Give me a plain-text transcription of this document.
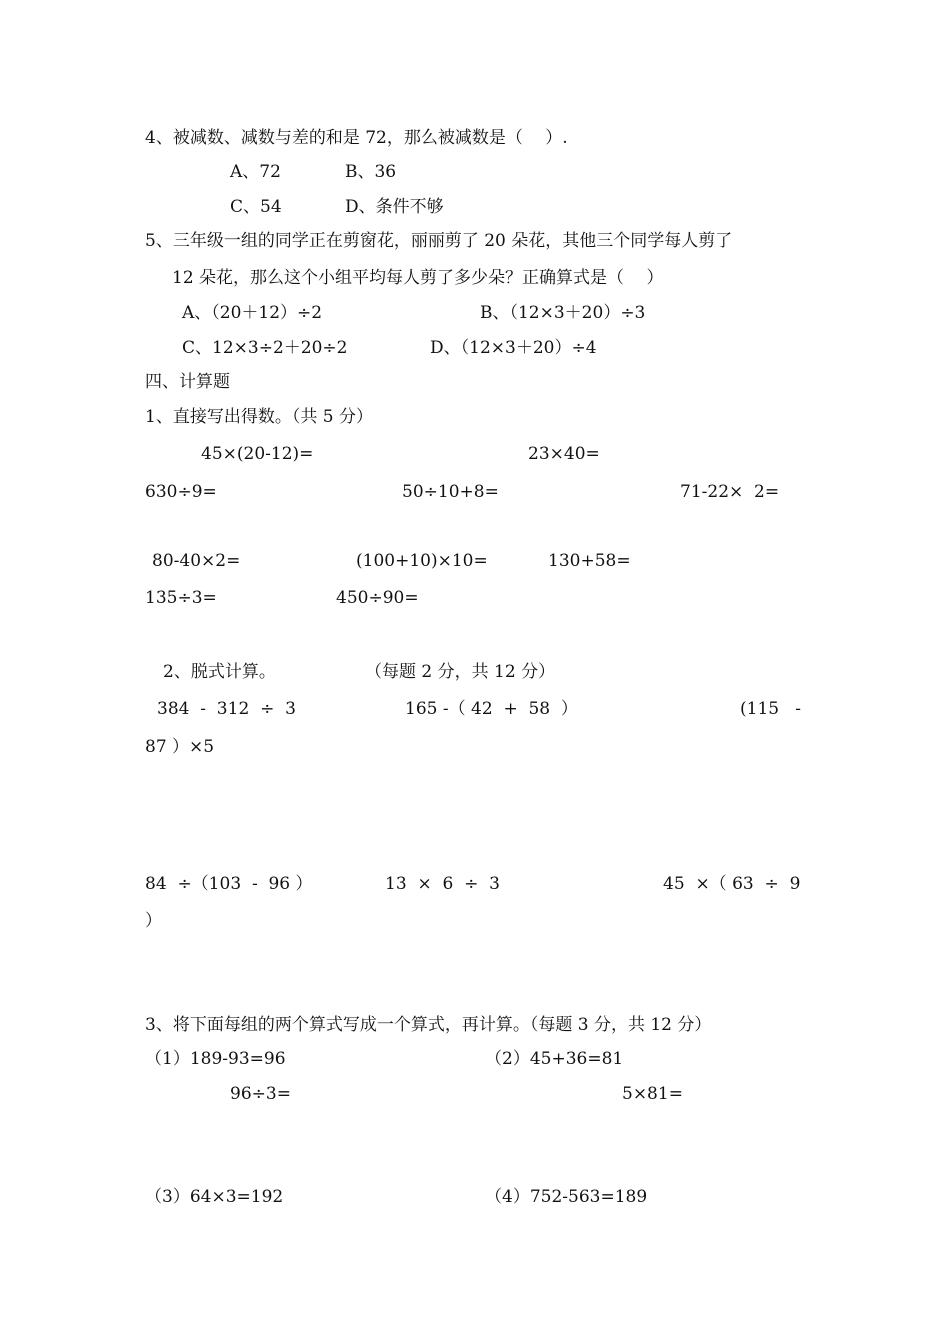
4、被减数、减数与差的和是 72，那么被减数是（　 ）.
A、72	B、36
C、54	D、条件不够
5、三年级一组的同学正在剪窗花，丽丽剪了 20 朵花，其他三个同学每人剪了
12 朵花，那么这个小组平均每人剪了多少朵？正确算式是（　 ）
A、（20＋12）÷2	B、（12×3＋20）÷3
C、12×3÷2＋20÷2	D、（12×3＋20）÷4
四、计算题
1、直接写出得数。（共 5 分）
45×(20-12)=	23×40=
630÷9=	50÷10+8=	71-22×  2=
80-40×2=	(100+10)×10=	130+58=
135÷3=	450÷90=
2、脱式计算。	（每题 2 分，共 12 分）
384  -  312  ÷  3	165 -（ 42  +  58  ）	(115   -
87 ）×5
84  ÷（103  -  96 ）	13  ×  6  ÷  3	45  ×（ 63  ÷  9
）
3、将下面每组的两个算式写成一个算式，再计算。（每题 3 分，共 12 分）
（1）189-93=96	（2）45+36=81
96÷3=	5×81=
（3）64×3=192	（4）752-563=189
